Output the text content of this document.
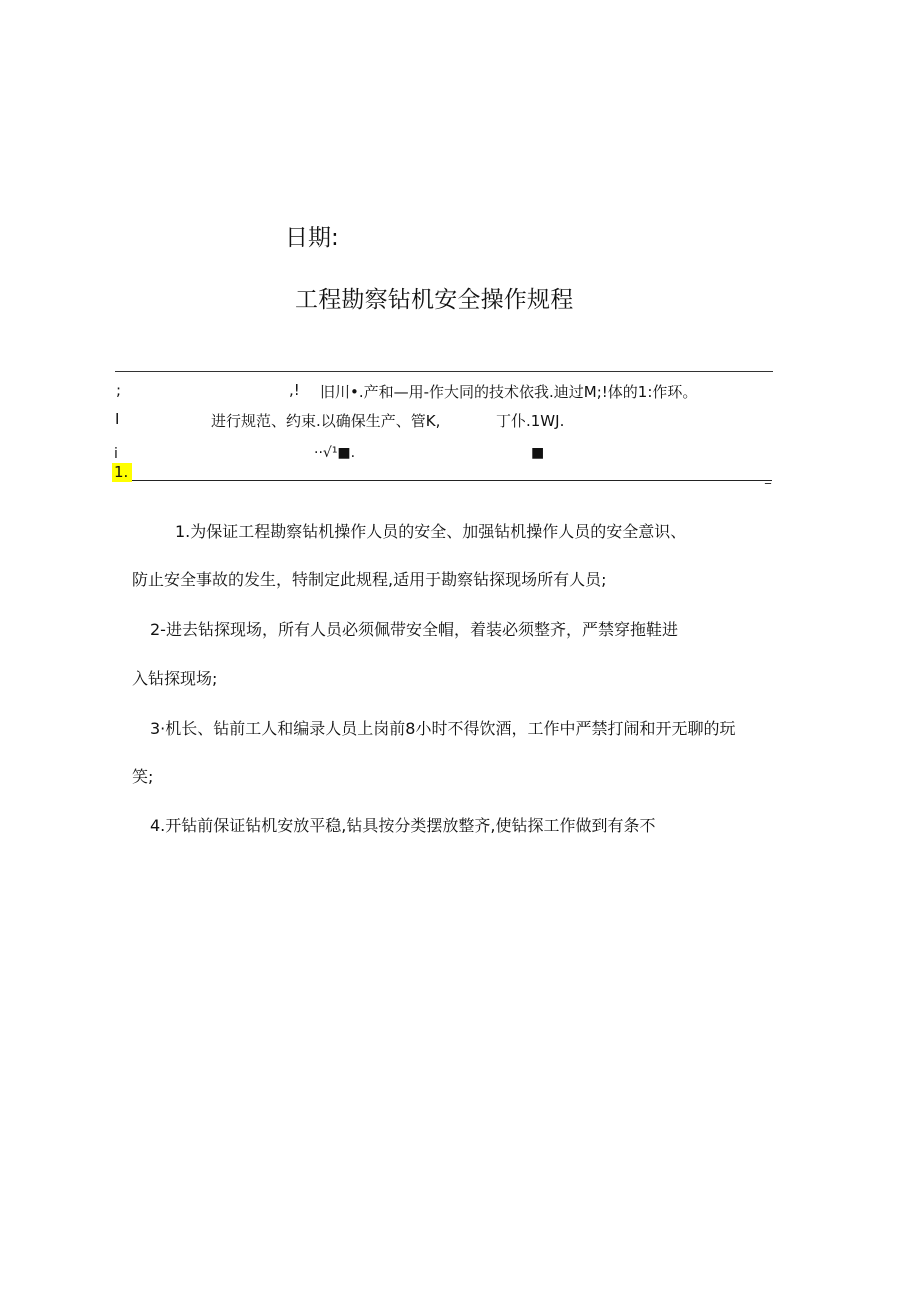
日期:

工程勘察钻机安全操作规程

;	,! 旧川•.产和—用-作大同的技术依我.迪过M;!体的1:作环。
I	进行规范、约束.以确保生产、管K,	丁仆.1WJ.
i	··√¹■.	■
1.	_

1.为保证工程勘察钻机操作人员的安全、加强钻机操作人员的安全意识、

防止安全事故的发生，特制定此规程,适用于勘察钻探现场所有人员;

2-进去钻探现场，所有人员必须佩带安全帽，着装必须整齐，严禁穿拖鞋进

入钻探现场;

3·机长、钻前工人和编录人员上岗前8小时不得饮酒，工作中严禁打闹和开无聊的玩

笑;

4.开钻前保证钻机安放平稳,钻具按分类摆放整齐,使钻探工作做到有条不
